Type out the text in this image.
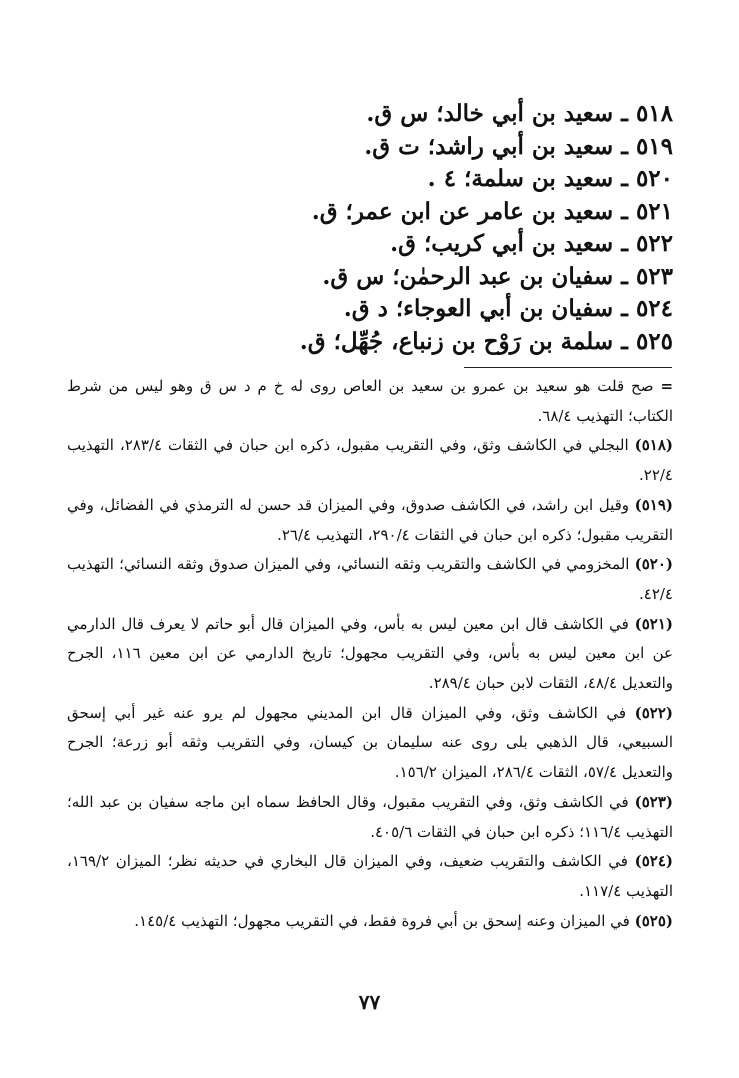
٥١٨ ـ سعيد بن أبي خالد؛ س ق.
٥١٩ ـ سعيد بن أبي راشد؛ ت ق.
٥٢٠ ـ سعيد بن سلمة؛ ٤ .
٥٢١ ـ سعيد بن عامر عن ابن عمر؛ ق.
٥٢٢ ـ سعيد بن أبي كريب؛ ق.
٥٢٣ ـ سفيان بن عبد الرحمٰن؛ س ق.
٥٢٤ ـ سفيان بن أبي العوجاء؛ د ق.
٥٢٥ ـ سلمة بن رَوْح بن زنباع، جُهِّل؛ ق.

= صح قلت هو سعيد بن عمرو بن سعيد بن العاص روى له خ م د س ق وهو ليس من شرط الكتاب؛ التهذيب ٦٨/٤.

(٥١٨) البجلي في الكاشف وثق، وفي التقريب مقبول، ذكره ابن حبان في الثقات ٢٨٣/٤، التهذيب ٢٢/٤.

(٥١٩) وقيل ابن راشد، في الكاشف صدوق، وفي الميزان قد حسن له الترمذي في الفضائل، وفي التقريب مقبول؛ ذكره ابن حبان في الثقات ٢٩٠/٤، التهذيب ٢٦/٤.

(٥٢٠) المخزومي في الكاشف والتقريب وثقه النسائي، وفي الميزان صدوق وثقه النسائي؛ التهذيب ٤٢/٤.

(٥٢١) في الكاشف قال ابن معين ليس به بأس، وفي الميزان قال أبو حاتم لا يعرف قال الدارمي عن ابن معين ليس به بأس، وفي التقريب مجهول؛ تاريخ الدارمي عن ابن معين ١١٦، الجرح والتعديل ٤٨/٤، الثقات لابن حبان ٢٨٩/٤.

(٥٢٢) في الكاشف وثق، وفي الميزان قال ابن المديني مجهول لم يرو عنه غير أبي إسحق السبيعي، قال الذهبي بلى روى عنه سليمان بن كيسان، وفي التقريب وثقه أبو زرعة؛ الجرح والتعديل ٥٧/٤، الثقات ٢٨٦/٤، الميزان ١٥٦/٢.

(٥٢٣) في الكاشف وثق، وفي التقريب مقبول، وقال الحافظ سماه ابن ماجه سفيان بن عبد الله؛ التهذيب ١١٦/٤؛ ذكره ابن حبان في الثقات ٤٠٥/٦.

(٥٢٤) في الكاشف والتقريب ضعيف، وفي الميزان قال البخاري في حديثه نظر؛ الميزان ١٦٩/٢، التهذيب ١١٧/٤.

(٥٢٥) في الميزان وعنه إسحق بن أبي فروة فقط، في التقريب مجهول؛ التهذيب ١٤٥/٤.

٧٧
